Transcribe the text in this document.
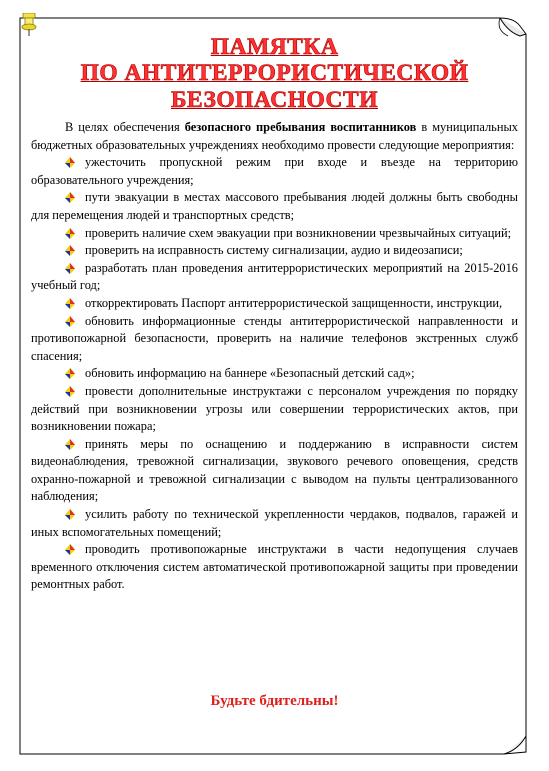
ПАМЯТКА
ПО АНТИТЕРРОРИСТИЧЕСКОЙ
БЕЗОПАСНОСТИ

В целях обеспечения безопасного пребывания воспитанников в муниципальных бюджетных образовательных учреждениях необходимо провести следующие мероприятия:

ужесточить пропускной режим при входе и въезде на территорию образовательного учреждения;

пути эвакуации в местах массового пребывания людей должны быть свободны для перемещения людей и транспортных средств;

проверить наличие схем эвакуации при возникновении чрезвычайных ситуаций;

проверить на исправность систему сигнализации, аудио и видеозаписи;

разработать план проведения антитеррористических мероприятий на 2015-2016 учебный год;

откорректировать Паспорт антитеррористической защищенности, инструкции,

обновить информационные стенды антитеррористической направленности и противопожарной безопасности, проверить на наличие телефонов экстренных служб спасения;

обновить информацию на баннере «Безопасный детский сад»;

провести дополнительные инструктажи с персоналом учреждения по порядку действий при возникновении угрозы или совершении террористических актов, при возникновении пожара;

принять меры по оснащению и поддержанию в исправности систем видеонаблюдения, тревожной сигнализации, звукового речевого оповещения, средств охранно-пожарной и тревожной сигнализации с выводом на пульты централизованного наблюдения;

усилить работу по технической укрепленности чердаков, подвалов, гаражей и иных вспомогательных помещений;

проводить противопожарные инструктажи в части недопущения случаев временного отключения систем автоматической противопожарной защиты при проведении ремонтных работ.

Будьте бдительны!
